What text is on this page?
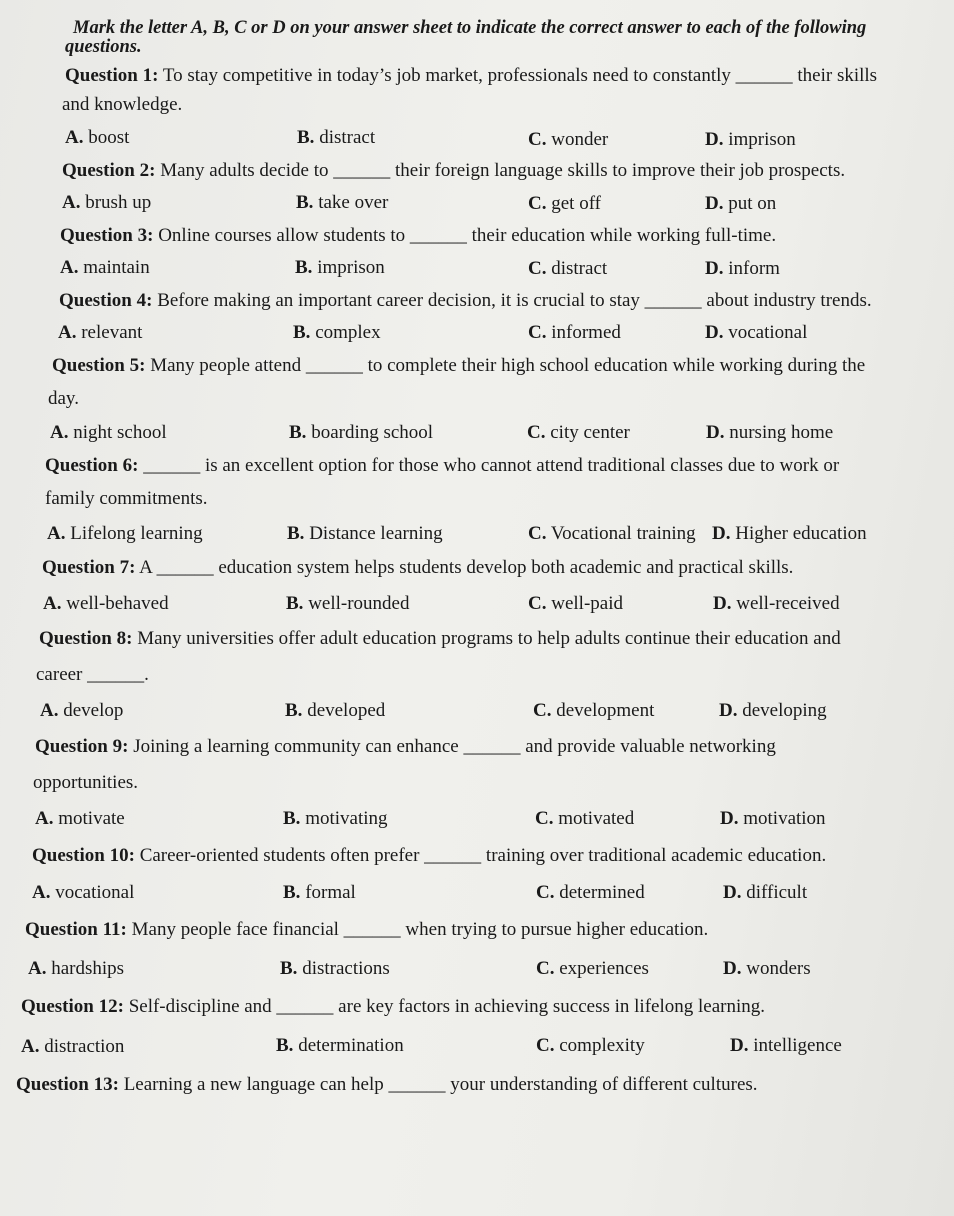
Mark the letter A, B, C or D on your answer sheet to indicate the correct answer to each of the following
questions.
Question 1: To stay competitive in today’s job market, professionals need to constantly ______ their skills
and knowledge.
A. boost	B. distract	C. wonder	D. imprison
Question 2: Many adults decide to ______ their foreign language skills to improve their job prospects.
A. brush up	B. take over	C. get off	D. put on
Question 3: Online courses allow students to ______ their education while working full-time.
A. maintain	B. imprison	C. distract	D. inform
Question 4: Before making an important career decision, it is crucial to stay ______ about industry trends.
A. relevant	B. complex	C. informed	D. vocational
Question 5: Many people attend ______ to complete their high school education while working during the
day.
A. night school	B. boarding school	C. city center	D. nursing home
Question 6: ______ is an excellent option for those who cannot attend traditional classes due to work or
family commitments.
A. Lifelong learning	B. Distance learning	C. Vocational training D. Higher education
Question 7: A ______ education system helps students develop both academic and practical skills.
A. well-behaved	B. well-rounded	C. well-paid	D. well-received
Question 8: Many universities offer adult education programs to help adults continue their education and
career ______.
A. develop	B. developed	C. development	D. developing
Question 9: Joining a learning community can enhance ______ and provide valuable networking
opportunities.
A. motivate	B. motivating	C. motivated	D. motivation
Question 10: Career-oriented students often prefer ______ training over traditional academic education.
A. vocational	B. formal	C. determined	D. difficult
Question 11: Many people face financial ______ when trying to pursue higher education.
A. hardships	B. distractions	C. experiences	D. wonders
Question 12: Self-discipline and ______ are key factors in achieving success in lifelong learning.
A. distraction	B. determination	C. complexity	D. intelligence
Question 13: Learning a new language can help ______ your understanding of different cultures.
